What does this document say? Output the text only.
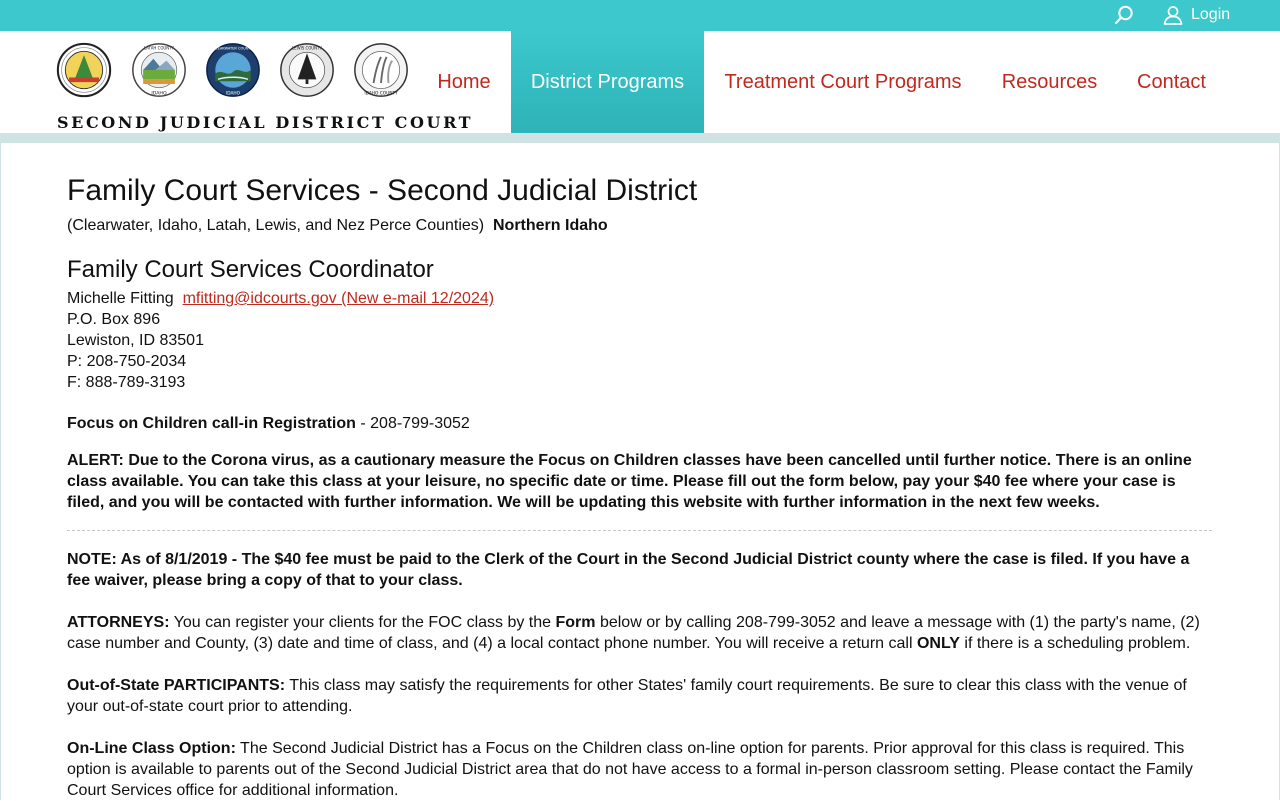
Login
LATAH COUNTY
IDAHO
CLEARWATER COUNTY
IDAHO
LEWIS COUNTY
IDAHO COUNTY
SECOND JUDICIAL DISTRICT COURT
Home	District Programs	Treatment Court Programs	Resources	Contact
Family Court Services - Second Judicial District
(Clearwater, Idaho, Latah, Lewis, and Nez Perce Counties) Northern Idaho
Family Court Services Coordinator
Michelle Fitting mfitting@idcourts.gov (New e-mail 12/2024)
P.O. Box 896
Lewiston, ID 83501
P: 208-750-2034
F: 888-789-3193
Focus on Children call-in Registration - 208-799-3052

ALERT: Due to the Corona virus, as a cautionary measure the Focus on Children classes have been cancelled until further notice. There is an online class available. You can take this class at your leisure, no specific date or time. Please fill out the form below, pay your $40 fee where your case is filed, and you will be contacted with further information. We will be updating this website with further information in the next few weeks.

NOTE: As of 8/1/2019 - The $40 fee must be paid to the Clerk of the Court in the Second Judicial District county where the case is filed. If you have a fee waiver, please bring a copy of that to your class.

ATTORNEYS: You can register your clients for the FOC class by the Form below or by calling 208-799-3052 and leave a message with (1) the party's name, (2) case number and County, (3) date and time of class, and (4) a local contact phone number. You will receive a return call ONLY if there is a scheduling problem.

Out-of-State PARTICIPANTS: This class may satisfy the requirements for other States' family court requirements. Be sure to clear this class with the venue of your out-of-state court prior to attending.

On-Line Class Option: The Second Judicial District has a Focus on the Children class on-line option for parents. Prior approval for this class is required. This option is available to parents out of the Second Judicial District area that do not have access to a formal in-person classroom setting. Please contact the Family Court Services office for additional information.
